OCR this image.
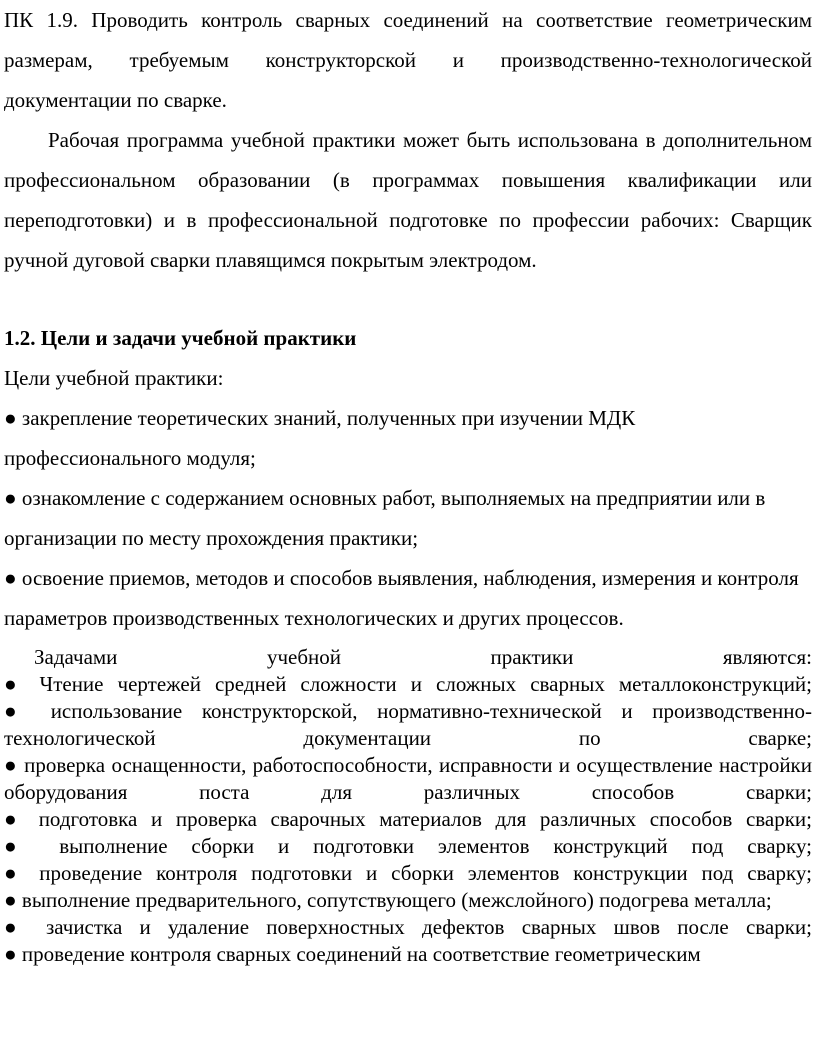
ПК 1.9. Проводить контроль сварных соединений на соответствие геометрическим размерам, требуемым конструкторской и производственно-технологической документации по сварке.

Рабочая программа учебной практики может быть использована в дополнительном профессиональном образовании (в программах повышения квалификации или переподготовки) и в профессиональной подготовке по профессии рабочих: Сварщик ручной дуговой сварки плавящимся покрытым электродом.

1.2. Цели и задачи учебной практики

Цели учебной практики:

● закрепление теоретических знаний, полученных при изучении МДК профессионального модуля;
● ознакомление с содержанием основных работ, выполняемых на предприятии или в организации по месту прохождения практики;
● освоение приемов, методов и способов выявления, наблюдения, измерения и контроля параметров производственных технологических и других процессов.

Задачами	учебной	практики	являются:

● Чтение чертежей средней сложности и сложных сварных металлоконструкций;
● использование конструкторской, нормативно-технической и производственно-технологической документации по сварке;
● проверка оснащенности, работоспособности, исправности и осуществление настройки оборудования поста для различных способов сварки;
● подготовка и проверка сварочных материалов для различных способов сварки;
● выполнение сборки и подготовки элементов конструкций под сварку;
● проведение контроля подготовки и сборки элементов конструкции под сварку;
● выполнение предварительного, сопутствующего (межслойного) подогрева металла;
● зачистка и удаление поверхностных дефектов сварных швов после сварки;
● проведение контроля сварных соединений на соответствие геометрическим
